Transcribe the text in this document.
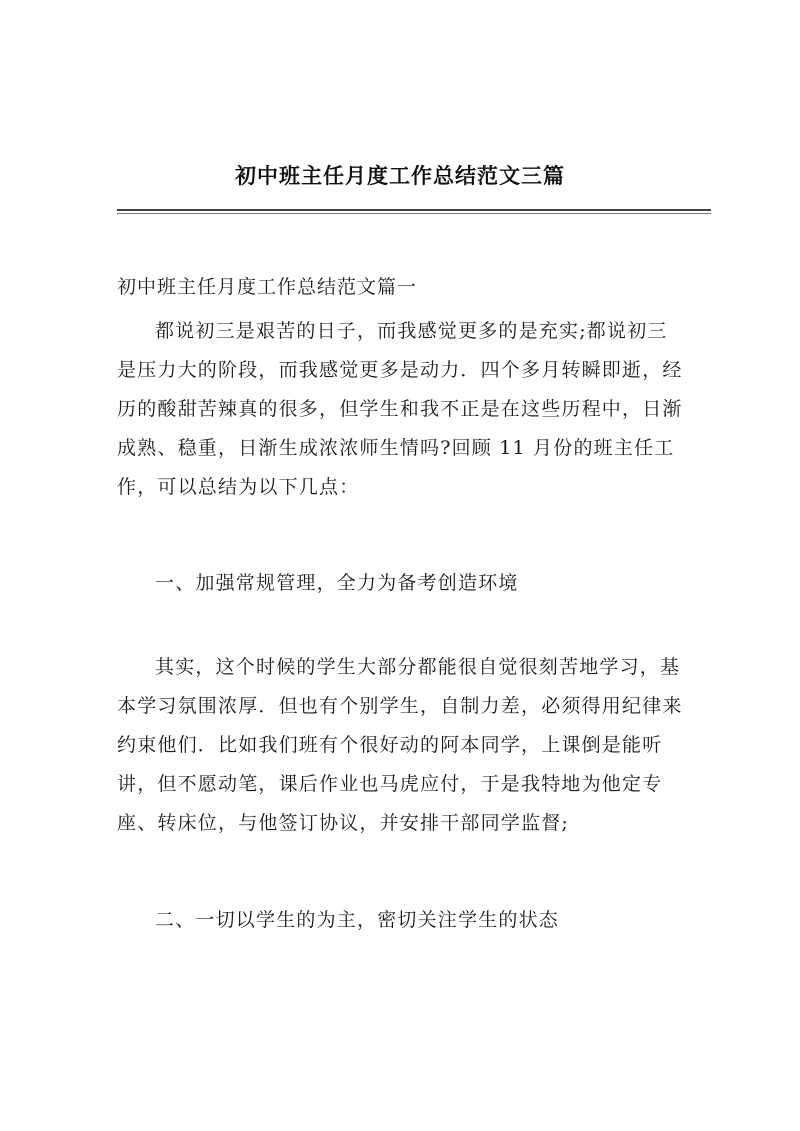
初中班主任月度工作总结范文三篇
初中班主任月度工作总结范文篇一
都说初三是艰苦的日子，而我感觉更多的是充实;都说初三
是压力大的阶段，而我感觉更多是动力．四个多月转瞬即逝，经
历的酸甜苦辣真的很多，但学生和我不正是在这些历程中，日渐
成熟、稳重，日渐生成浓浓师生情吗?回顾 11 月份的班主任工
作，可以总结为以下几点：
一、加强常规管理，全力为备考创造环境
其实，这个时候的学生大部分都能很自觉很刻苦地学习，基
本学习氛围浓厚．但也有个别学生，自制力差，必须得用纪律来
约束他们．比如我们班有个很好动的阿本同学，上课倒是能听
讲，但不愿动笔，课后作业也马虎应付，于是我特地为他定专
座、转床位，与他签订协议，并安排干部同学监督;
二、一切以学生的为主，密切关注学生的状态
